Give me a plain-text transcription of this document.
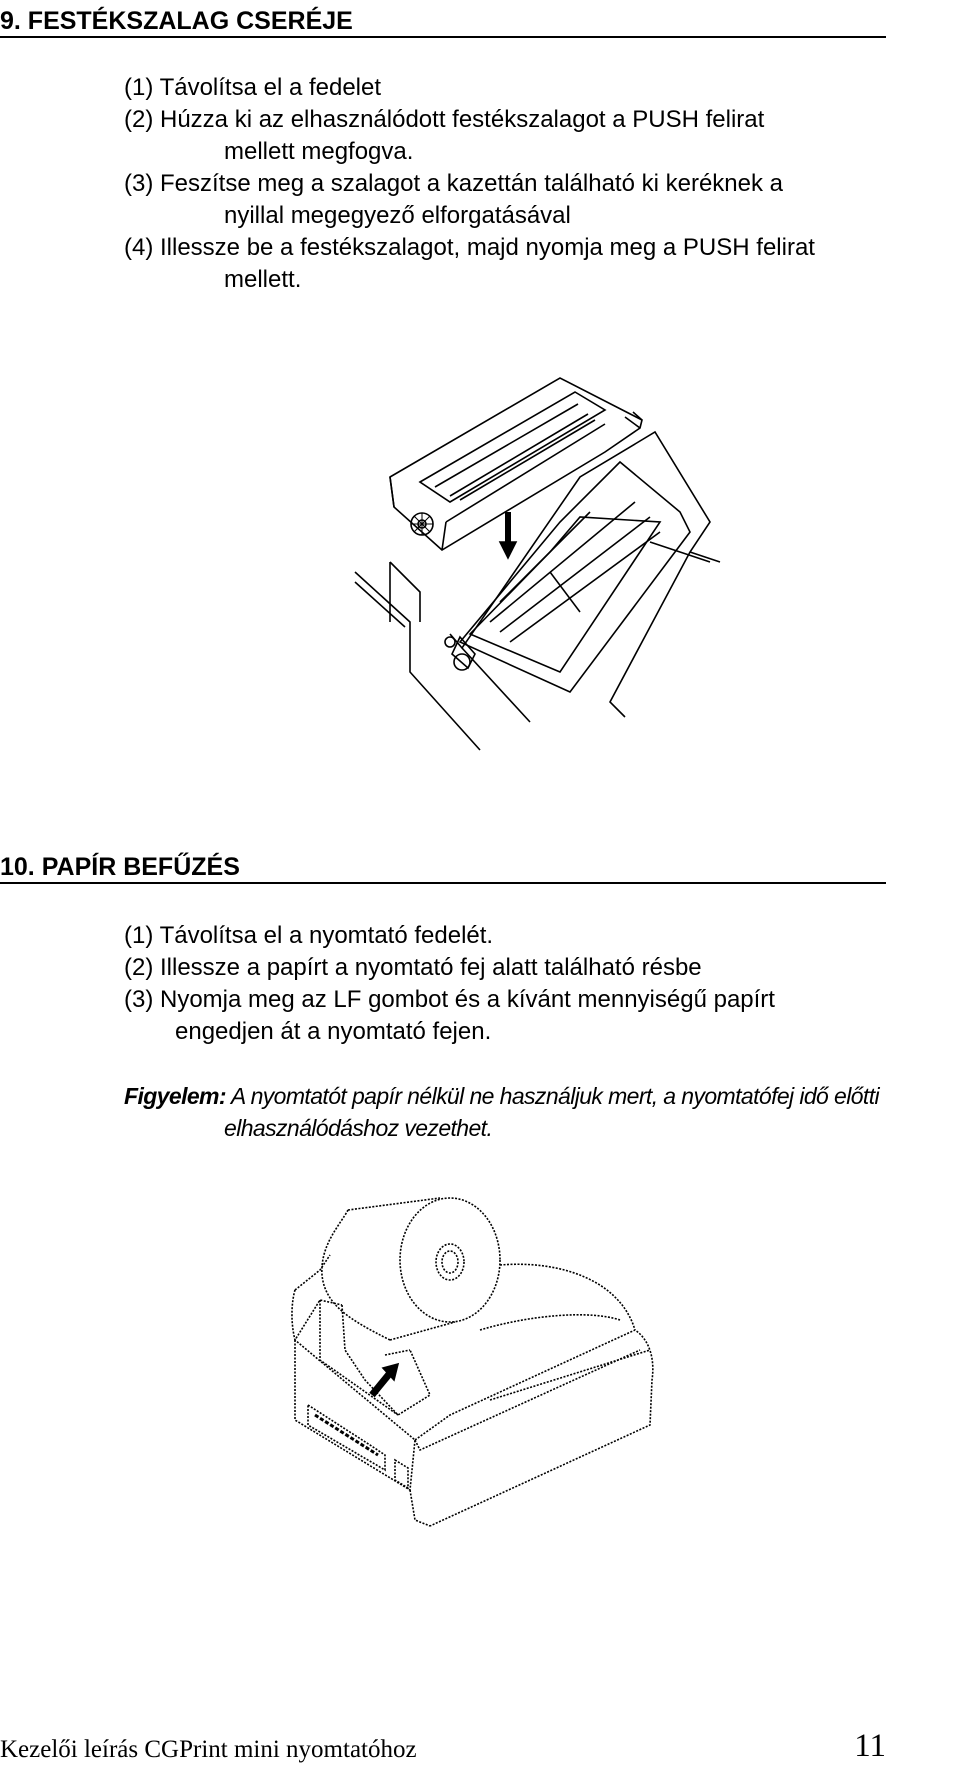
9. FESTÉKSZALAG CSERÉJE
(1) Távolítsa el a fedelet
(2) Húzza ki az elhasználódott festékszalagot a PUSH felirat
mellett megfogva.
(3) Feszítse meg a szalagot a kazettán található ki keréknek a
nyillal megegyező elforgatásával
(4) Illessze be a festékszalagot, majd nyomja meg a PUSH felirat
mellett.
10. PAPÍR BEFŰZÉS
(1) Távolítsa el a nyomtató fedelét.
(2) Illessze a papírt a nyomtató fej alatt található résbe
(3) Nyomja meg az LF gombot és a kívánt mennyiségű papírt
engedjen át a nyomtató fejen.
Figyelem: A nyomtatót papír nélkül ne használjuk mert, a nyomtatófej idő előtti
elhasználódáshoz vezethet.
Kezelői leírás CGPrint mini nyomtatóhoz	11
